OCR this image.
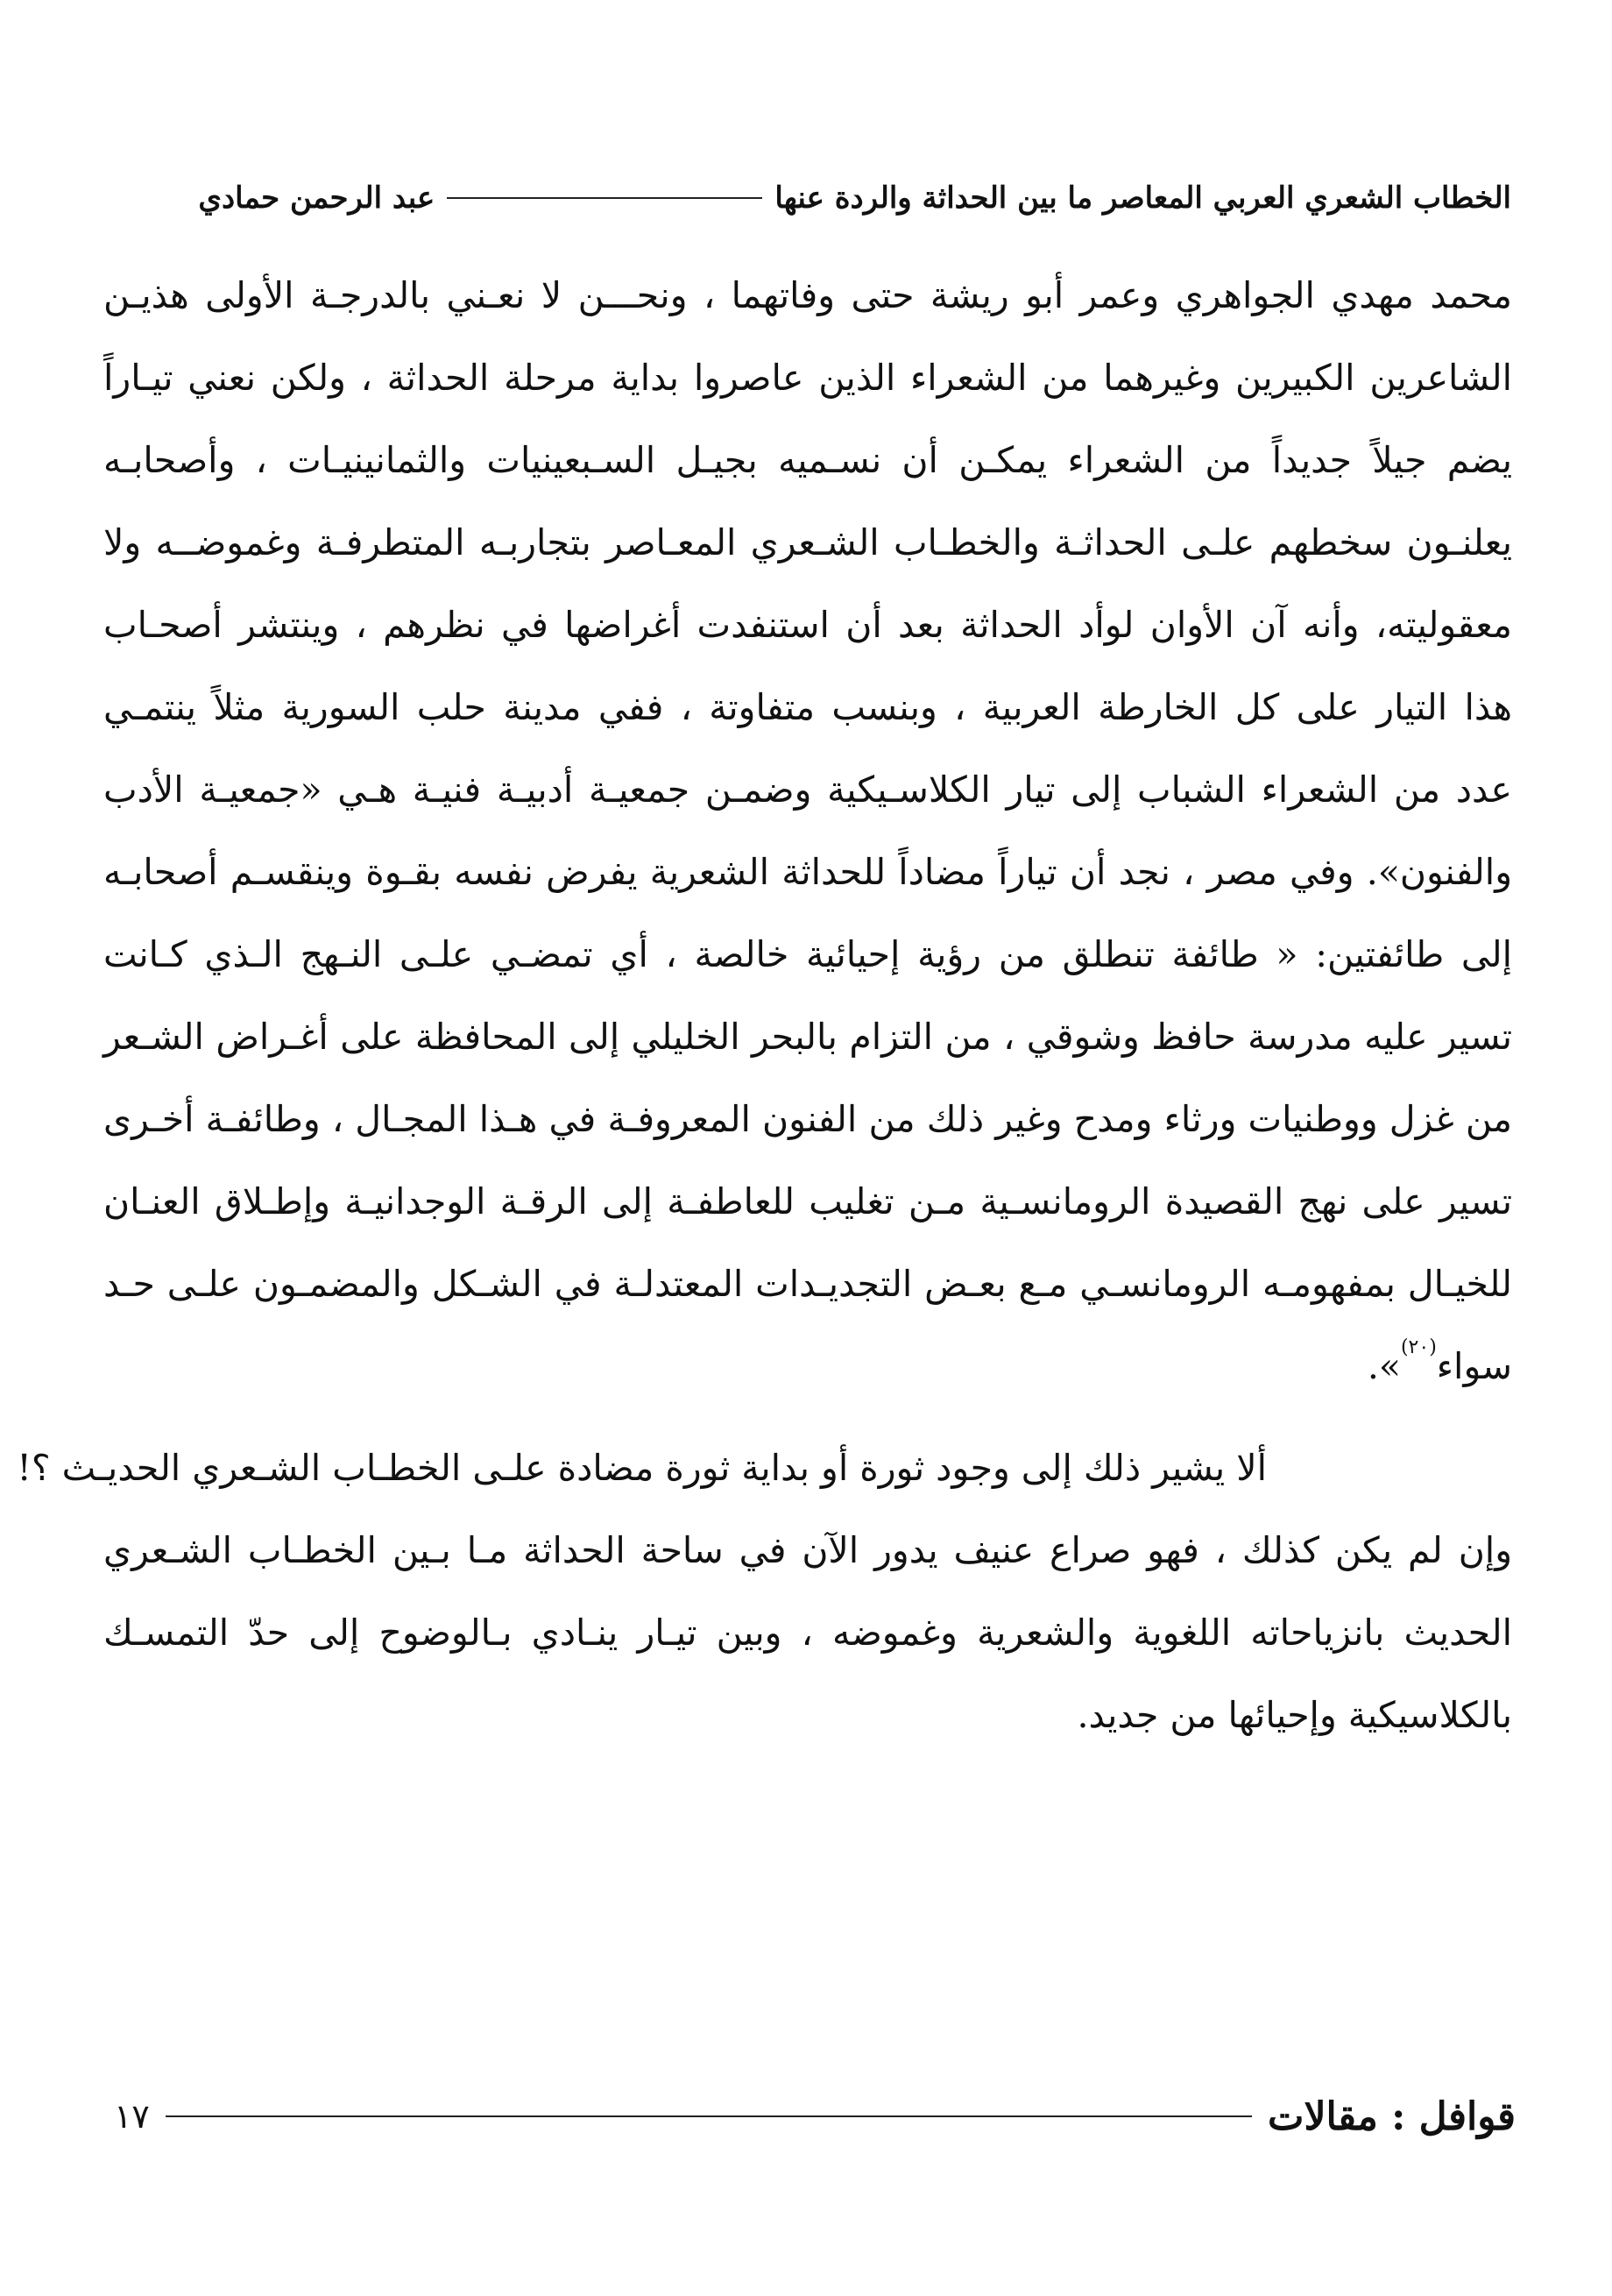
الخطاب الشعري العربي المعاصر ما بين الحداثة والردة عنها
عبد الرحمن حمادي

محمد مهدي الجواهري وعمر أبو ريشة حتى وفاتهما ، ونحـــن لا نعـني بالدرجـة الأولى هذيـن
الشاعرين الكبيرين وغيرهما من الشعراء الذين عاصروا بداية مرحلة الحداثة ، ولكن نعني تيـاراً
يضم جيلاً جديداً من الشعراء يمكـن أن نسـميه بجيـل السـبعينيات والثمانينيـات ، وأصحابـه
يعلنـون سخطهم علـى الحداثـة والخطـاب الشـعري المعـاصر بتجاربـه المتطرفـة وغموضــه ولا
معقوليته، وأنه آن الأوان لوأد الحداثة بعد أن استنفدت أغراضها في نظرهم ، وينتشر أصحـاب
هذا التيار على كل الخارطة العربية ، وبنسب متفاوتة ، ففي مدينة حلب السورية مثلاً ينتمـي
عدد من الشعراء الشباب إلى تيار الكلاسـيكية وضمـن جمعيـة أدبيـة فنيـة هـي «جمعيـة الأدب
والفنون». وفي مصر ، نجد أن تياراً مضاداً للحداثة الشعرية يفرض نفسه بقـوة وينقسـم أصحابـه
إلى طائفتين: « طائفة تنطلق من رؤية إحيائية خالصة ، أي تمضـي علـى النـهج الـذي كـانت
تسير عليه مدرسة حافظ وشوقي ، من التزام بالبحر الخليلي إلى المحافظة على أغـراض الشـعر
من غزل ووطنيات ورثاء ومدح وغير ذلك من الفنون المعروفـة في هـذا المجـال ، وطائفـة أخـرى
تسير على نهج القصيدة الرومانسـية مـن تغليب للعاطفـة إلى الرقـة الوجدانيـة وإطـلاق العنـان
للخيـال بمفهومـه الرومانسـي مـع بعـض التجديـدات المعتدلـة في الشـكل والمضمـون علـى حـد
سواء$^{(٢٠)}$».

ألا يشير ذلك إلى وجود ثورة أو بداية ثورة مضادة علـى الخطـاب الشـعري الحديـث ؟!
وإن لم يكن كذلك ، فهو صراع عنيف يدور الآن في ساحة الحداثة مـا بـين الخطـاب الشـعري
الحديث بانزياحاته اللغوية والشعرية وغموضه ، وبين تيـار ينـادي بـالوضوح إلى حدّ التمسـك
بالكلاسيكية وإحيائها من جديد.

قوافل : مقالات
١٧
